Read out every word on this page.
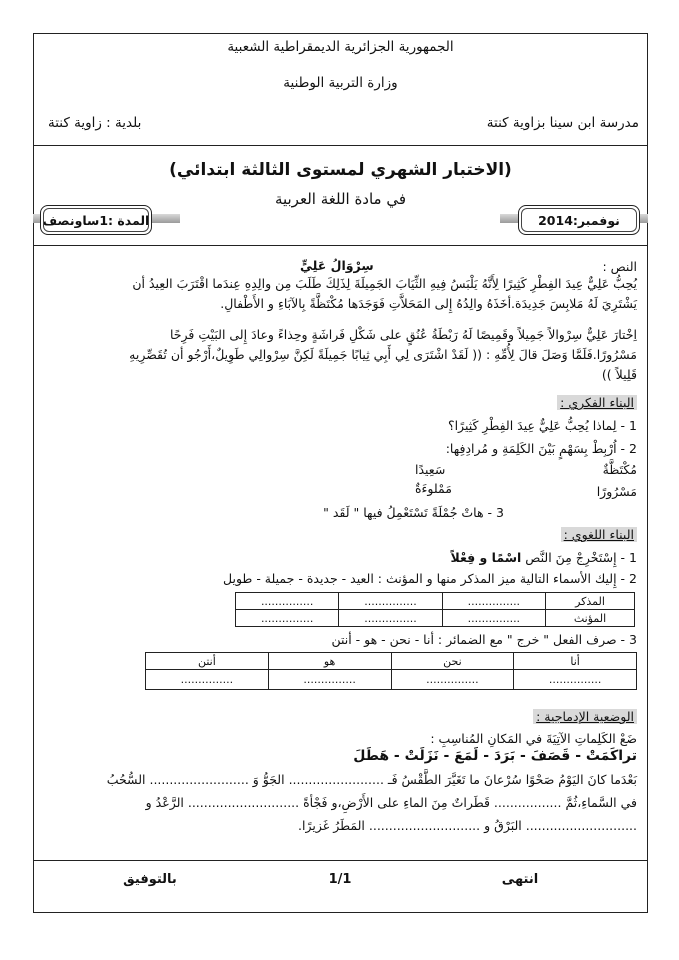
الجمهورية الجزائرية الديمقراطية الشعبية
وزارة التربية الوطنية
مدرسة ابن سينا بزاوية كنتة
بلدية : زاوية كنتة
(الاختبار الشهري لمستوى الثالثة ابتدائي)
في مادة اللغة العربية
المدة :1ساونصف	نوفمبر:2014
النص :
سِرْوَالُ عَلِيٍّ
يُحِبُّ عَلِيٌّ عِيدَ الفِطْرِ كَثِيرًا لِأَنَّهُ يَلْبَسُ فِيهِ الثِّيَابَ الجَمِيلَةَ لِذَلِكَ طَلَبَ مِن والِدِهِ عِندَما اقْتَرَبَ العِيدُ أن
يَشْتَرِيَ لَهُ مَلابِسَ جَدِيدَة.أخَذَهُ والِدُهُ إِلى المَحَلاَّتِ فَوَجَدَها مُكْتَظَّةً بِالآبَاءِ و الأَطْفالِ.
اِخْتارَ عَلِيٌّ سِرْوالاً جَمِيلاً وقَمِيصًا لَهُ رَبْطَةُ عُنُقٍ على شَكْلِ فَراشَةٍ وحِذاءً وعادَ إِلى البَيْتِ فَرِحًا
مَسْرُورًا.فَلَمَّا وَصَلَ قالَ لِأُمِّهِ : (( لَقَدْ اشْتَرَى لِي أَبِي ثِيابًا جَمِيلَةً لَكِنَّ سِرْوالِي طَوِيلٌ،أَرْجُو أن تُقَصِّرِيهِ
قَلِيلاً ))
البناء الفكري :
1 - لِماذا يُحِبُّ عَلِيٌّ عِيدَ الفِطْرِ كَثِيرًا؟
2 - اُرْبِطْ بِسَهْمٍ بَيْنَ الكَلِمَةِ و مُرادِفِها:
مُكْتَظَّةٌ
سَعِيدًا
مَسْرُورًا
مَمْلوءَةٌ
3 - هاتْ جُمْلَةً تَسْتَعْمِلُ فيها " لَقَد "
البناء اللغوي :
1 - إِسْتَخْرِجْ مِنَ النَّص اسْمًا و فِعْلاً
2 - إِليك الأسماء التالية ميز المذكر منها و المؤنث : العيد - جديدة - جميلة - طويل
المذكر	...............	...............	...............
المؤنث	...............	...............	...............
3 - صرف الفعل " خرج " مع الضمائر : أنا - نحن - هو - أنتن
أنا	نحن	هو	أنتن
...............	...............	...............	...............
الوضعية الإدماجية :
ضَعْ الكَلِماتِ الآتِيَةَ في المَكانِ المُناسِبِ :
تراكَمَتْ - قَصَفَ - بَرَدَ - لَمَعَ - نَزَلَتْ - هَطَلَ
بَعْدَما كانَ اليَوْمُ صَحْوًا سُرْعانَ ما تَغَيَّرَ الطَّقْسُ فَـ ........................ الجَوُّ وَ ......................... السُّحُبُ
في السَّماءِ،ثُمَّ ................. قَطَراتٌ مِنَ الماءِ على الأَرْضِ،و فَجْأةً ............................ الرَّعْدُ و
............................ البَرْقُ و ............................ المَطَرُ غَزيرًا.
انتهى
1/1
بالتوفيق
